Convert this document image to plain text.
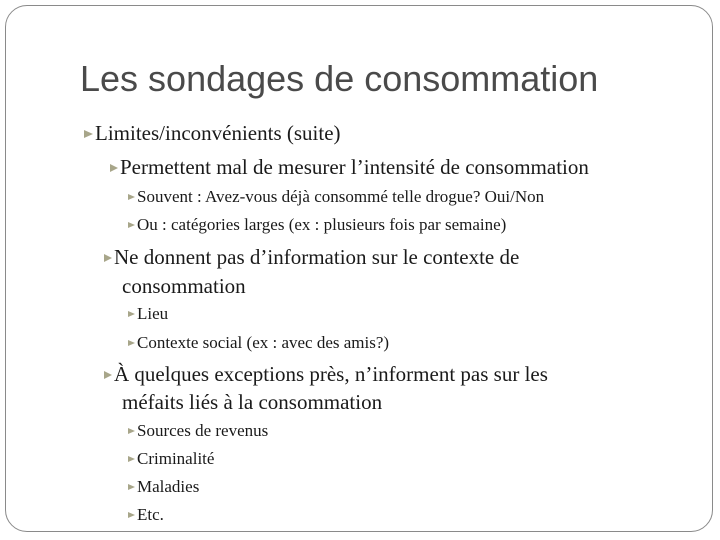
Les sondages de consommation
Limites/inconvénients (suite)
Permettent mal de mesurer l’intensité de consommation
Souvent : Avez-vous déjà consommé telle drogue? Oui/Non
Ou : catégories larges (ex : plusieurs fois par semaine)
Ne donnent pas d’information sur le contexte de
consommation
Lieu
Contexte social (ex : avec des amis?)
À quelques exceptions près, n’informent pas sur les
méfaits liés à la consommation
Sources de revenus
Criminalité
Maladies
Etc.
